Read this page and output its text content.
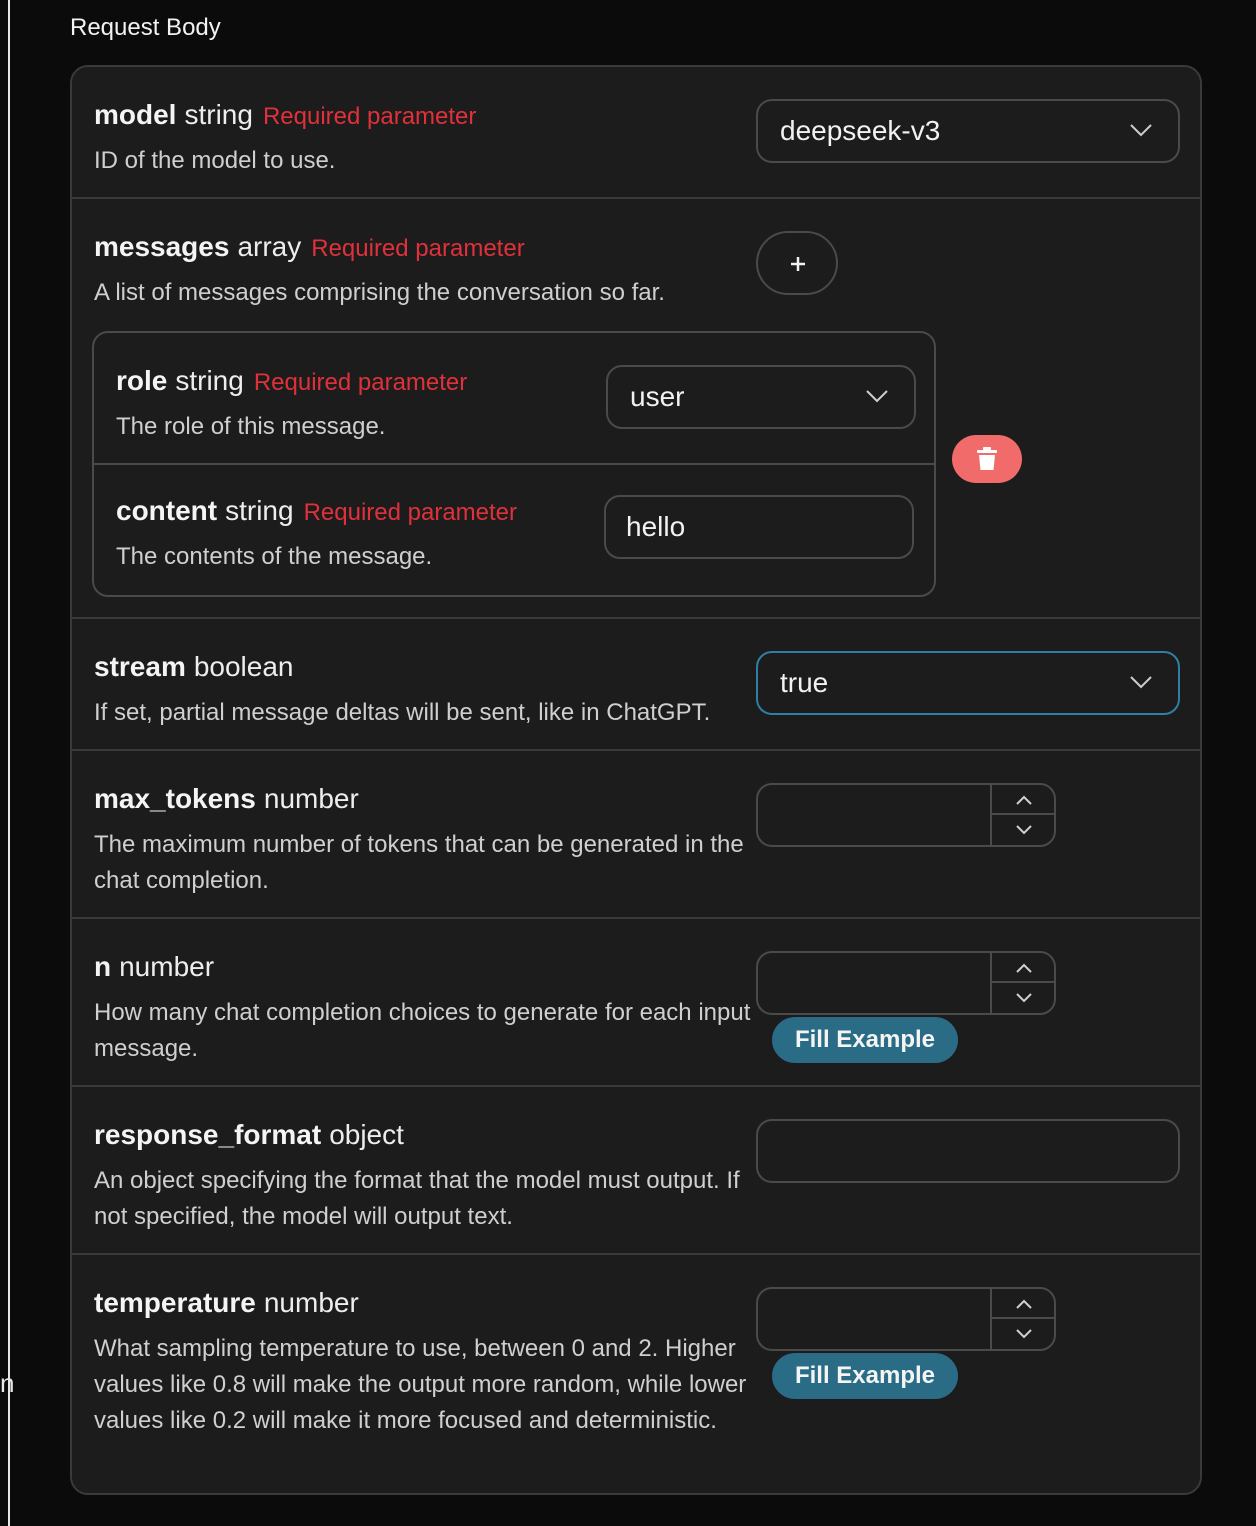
n
Request Body
model string Required parameter
ID of the model to use.
deepseek-v3
messages array Required parameter
A list of messages comprising the conversation so far.
role string Required parameter
The role of this message.
user
content string Required parameter
The contents of the message.
hello
stream boolean
If set, partial message deltas will be sent, like in ChatGPT.
true
max_tokens number
The maximum number of tokens that can be generated in the chat completion.
n number
How many chat completion choices to generate for each input message.	Fill Example
response_format object
An object specifying the format that the model must output. If not specified, the model will output text.
temperature number
What sampling temperature to use, between 0 and 2. Higher values like 0.8 will make the output more random, while lower values like 0.2 will make it more focused and deterministic.
Fill Example
